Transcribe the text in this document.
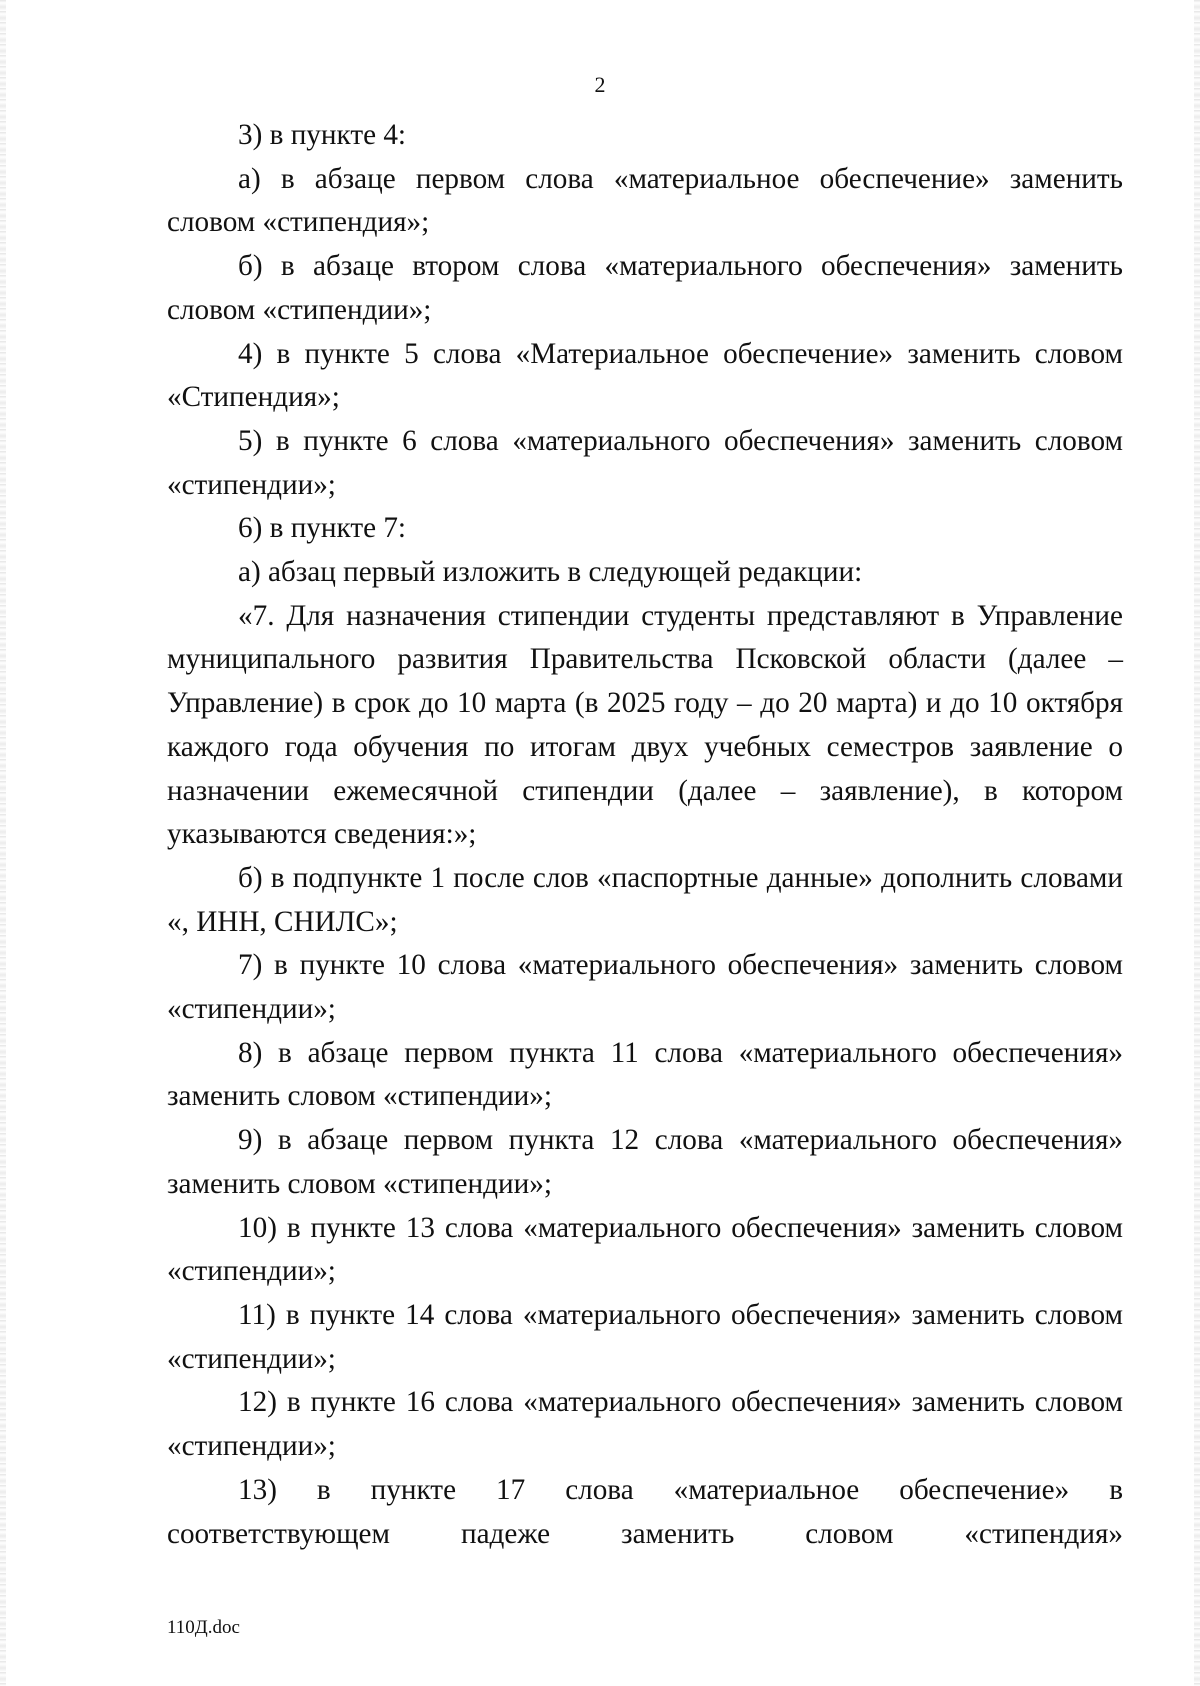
2

3) в пункте 4:

а) в абзаце первом слова «материальное обеспечение» заменить словом «стипендия»;

б) в абзаце втором слова «материального обеспечения» заменить словом «стипендии»;

4) в пункте 5 слова «Материальное обеспечение» заменить словом «Стипендия»;

5) в пункте 6 слова «материального обеспечения» заменить словом «стипендии»;

6) в пункте 7:

а) абзац первый изложить в следующей редакции:

«7. Для назначения стипендии студенты представляют в Управление муниципального развития Правительства Псковской области (далее – Управление) в срок до 10 марта (в 2025 году – до 20 марта) и до 10 октября каждого года обучения по итогам двух учебных семестров заявление о назначении ежемесячной стипендии (далее – заявление), в котором указываются сведения:»;

б) в подпункте 1 после слов «паспортные данные» дополнить словами «, ИНН, СНИЛС»;

7) в пункте 10 слова «материального обеспечения» заменить словом «стипендии»;

8) в абзаце первом пункта 11 слова «материального обеспечения» заменить словом «стипендии»;

9) в абзаце первом пункта 12 слова «материального обеспечения» заменить словом «стипендии»;

10) в пункте 13 слова «материального обеспечения» заменить словом «стипендии»;

11) в пункте 14 слова «материального обеспечения» заменить словом «стипендии»;

12) в пункте 16 слова «материального обеспечения» заменить словом «стипендии»;

13) в пункте 17 слова «материальное обеспечение» в соответствующем падеже заменить словом «стипендия»

110Д.doc
